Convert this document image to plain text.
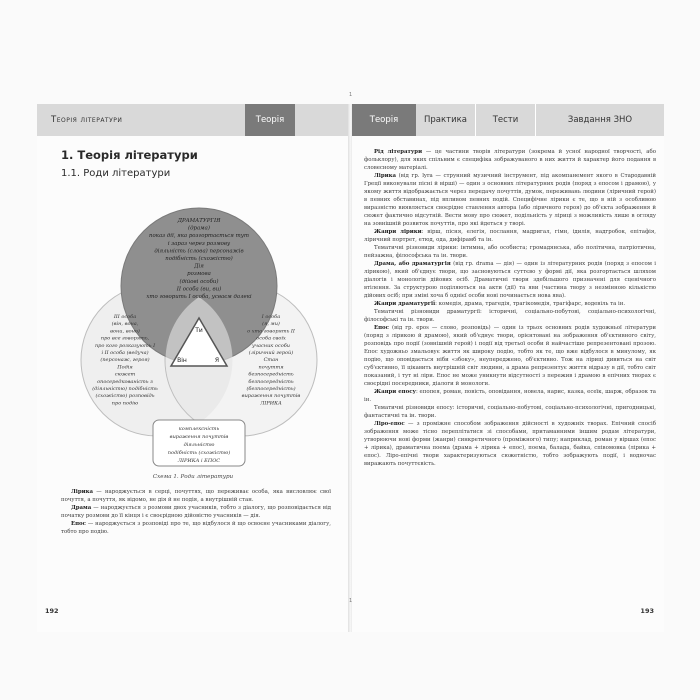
Теорія літератури	Теорія
1. Теорія літератури
1.1. Роди літератури
Ти
Він	Я
ДРАМАТУРГІЯ
(драма)
показ дії, яка розгортається тут
і зараз через розмову
діяльність (слова) персонажів
подібність (схожістю)
Дія
розмова
(дійові особи)
ІІ особа (ви, ви)
хто говорить І особа, усваєм далекі
ІІІ особа
(він, вона,
вони, воно)
про все говорять,
про кого розказують І
і ІІ особа (ведуча)
(персонаж, героя)
Подія
сюжет
опосередкованість з
(діяльністю) подібність
(схожістю) розповідь
про подію
І особа
(я, ми)
о хто говорять ІІ
особа своїх
учасник особи
(ліричний герой)
Стан
почуття
безпосередність
безпосередність
(безпосередність)
вираження почуттів
ЛІРИКА
комплексність
вираження почуттів
діяльністю
подібність (схожістю)
ЛІРИКА і ЕПОС
Схема 1. Роди літератури

Лірика — народжується в серці, почуттях, що переживає особа, яка висловлює свої почуття, а почуття, як відомо, не дія й не подія, а внутрішній стан.

Драма — народжується з розмови двох учасників, тобто з діалогу, що розповідається від початку розмови до її кінця і є своєрідною дійовістю учасників — дія.

Епос — народжується з розповіді про те, що відбулося й що освоєне учасниками діалогу, тобто про подію.

192
Теорія	Практика	Тести	Завдання ЗНО

Рід літератури — це частини творів літератури (зокрема й усної народної творчості, або фольклору), для яких спільним є специфіка зображуваного в них життя й характер його подання в словесному матеріалі.

Лірика (від гр. lyra — струнний музичний інструмент, під акомпанемент якого в Стародавній Греції виконували пісні й вірші) — один з основних літературних родів (поряд з епосом і драмою), у якому життя відображається через передачу почуттів, думок, переживань людини (ліричний герой) в певних обставинах, під впливом певних подій. Специфічне лірики є те, що в ній з особливою виразністю виявляється своєрідне ставлення автора (або ліричного героя) до об'єкта зображення й сюжет фактично відсутній. Вести мову про сюжет, подільність у ліриці з можливість лише в огляду на зовнішній розвиток почуттів, про які йдеться у творі.

Жанри лірики: вірш, пісня, елегія, послання, мадригал, гімн, ідилія, надгробок, епітафія, ліричний портрет, етюд, ода, дифірамб та ін.

Тематичні різновиди лірики: інтимна, або особиста; громадянська, або політична, патріотична, пейзажна, філософська та ін. твори.

Драма, або драматургія (від гр. drama — дія) — один із літературних родів (поряд з епосом і лірикою), який об'єднує твори, що засновуються суттєво у формі дії, яка розгортається шляхом діалогів і монологів дійових осіб. Драматичні твори здебільшого призначені для сценічного втілення. За структурою поділяються на акти (дії) та яви (частина твору з незмінною кількістю дійових осіб; при зміні хоча б однієї особи нові починається нова ява).

Жанри драматургії: комедія, драма, трагедія, трагікомедія, трагіфарс, водевіль та ін.

Тематичні різновиди драматургії: історичні, соціально-побутові, соціально-психологічні, філософські та ін. твори.

Епос (від гр. epos — слово, розповідь) — один із трьох основних родів художньої літератури (поряд з лірикою й драмою), який об'єднує твори, орієнтовані на зображення об'єктивного світу, розповідь про події (зовнішній герой) і події від третьої особи й найчастіше репрезентовані прозою. Епос художньо змальовує життя як широку подію, тобто як те, що вже відбулося в минулому, як подію, що оповідається ніби «збоку», неупереджено, об'єктивно. Тож на ліриці дивиться на світ суб'єктивно, її цікавить внутрішній світ людини, а драма репрезентує життя відразу в дії, тобто світ показаний, і тут ні ліри. Епос не може уникнути відсутності з пережив і драмою в епічних творах є своєрідні посередники, діалоги й монологи.

Жанри епосу: епопея, роман, повість, оповідання, новела, нарис, казка, есеїк, шарж, образок та ін.

Тематичні різновиди епосу: історичні, соціально-побутові, соціально-психологічні, пригодницькі, фантастичні та ін. твори.

Ліро-епос — з проміжне способом зображення дійсності в художніх творах. Епічний спосіб зображення може тісно переплітатися зі способами, притаманними іншим родам літератури, утворюючи нові форми (жанри) синкретичного (проміжного) типу; наприклад, роман у віршах (епос + лірика), драматична поема (драма + лірика + епос), поема, балада, байка, співомовка (лірика + епос). Ліро-епічні твори характеризуються сюжетністю, тобто зображують події, і водночас виражають почуттєвість.

193
1
1
